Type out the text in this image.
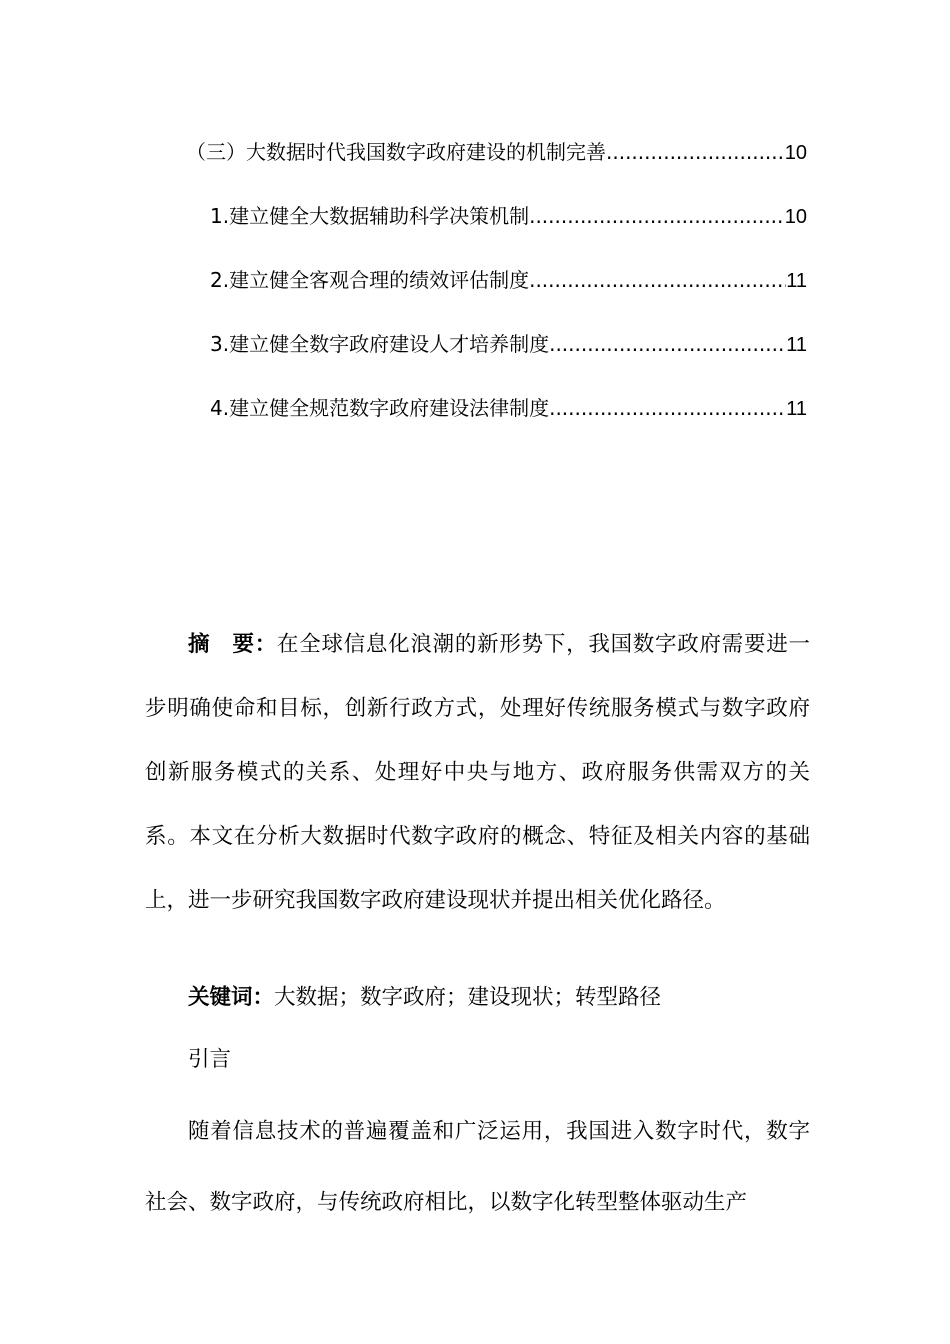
（三）大数据时代我国数字政府建设的机制完善 .....	10
1.建立健全大数据辅助科学决策机制 .....	10
2.建立健全客观合理的绩效评估制度 .....	11
3.建立健全数字政府建设人才培养制度 .....	11
4.建立健全规范数字政府建设法律制度 .....	11

摘　要：在全球信息化浪潮的新形势下，我国数字政府需要进一步明确使命和目标，创新行政方式，处理好传统服务模式与数字政府创新服务模式的关系、处理好中央与地方、政府服务供需双方的关系。本文在分析大数据时代数字政府的概念、特征及相关内容的基础上，进一步研究我国数字政府建设现状并提出相关优化路径。

关键词：大数据；数字政府；建设现状；转型路径

引言

随着信息技术的普遍覆盖和广泛运用，我国进入数字时代，数字社会、数字政府，与传统政府相比，以数字化转型整体驱动生产
